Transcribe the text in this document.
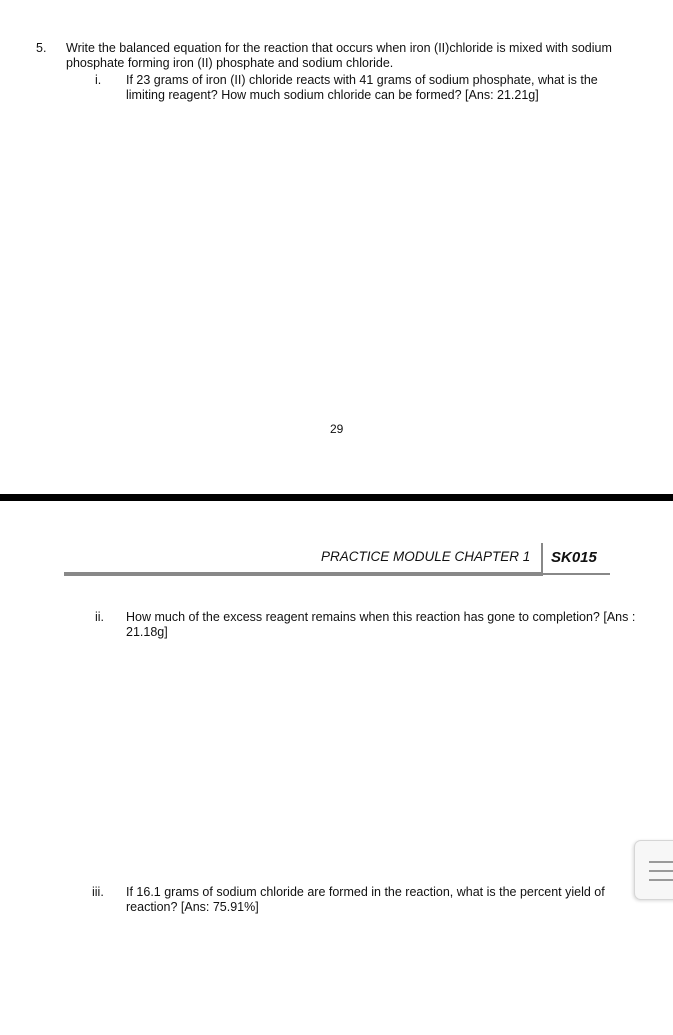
5. Write the balanced equation for the reaction that occurs when iron (II)chloride is mixed with sodium phosphate forming iron (II) phosphate and sodium chloride.
i. If 23 grams of iron (II) chloride reacts with 41 grams of sodium phosphate, what is the limiting reagent? How much sodium chloride can be formed? [Ans: 21.21g]
29
PRACTICE MODULE CHAPTER 1 SK015
ii. How much of the excess reagent remains when this reaction has gone to completion? [Ans : 21.18g]
iii. If 16.1 grams of sodium chloride are formed in the reaction, what is the percent yield of reaction? [Ans: 75.91%]
